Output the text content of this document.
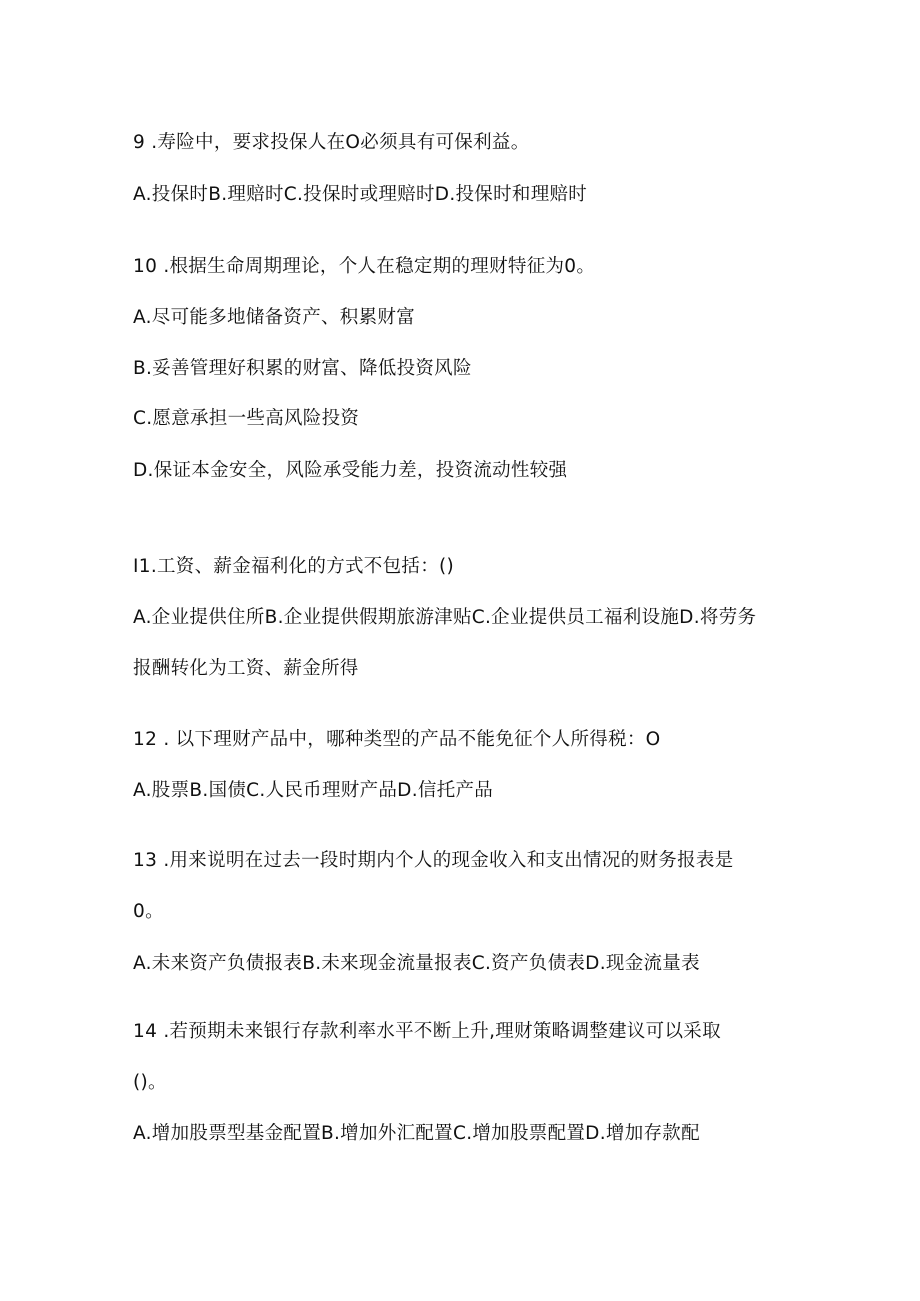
9 .寿险中，要求投保人在O必须具有可保利益。
A.投保时B.理赔时C.投保时或理赔时D.投保时和理赔时
10 .根据生命周期理论，个人在稳定期的理财特征为0。
A.尽可能多地储备资产、积累财富
B.妥善管理好积累的财富、降低投资风险
C.愿意承担一些高风险投资
D.保证本金安全，风险承受能力差，投资流动性较强
I1.工资、薪金福利化的方式不包括：()
A.企业提供住所B.企业提供假期旅游津贴C.企业提供员工福利设施D.将劳务
报酬转化为工资、薪金所得
12 . 以下理财产品中，哪种类型的产品不能免征个人所得税：O
A.股票B.国债C.人民币理财产品D.信托产品
13 .用来说明在过去一段时期内个人的现金收入和支出情况的财务报表是
0。
A.未来资产负债报表B.未来现金流量报表C.资产负债表D.现金流量表
14 .若预期未来银行存款利率水平不断上升,理财策略调整建议可以采取
()。
A.增加股票型基金配置B.增加外汇配置C.增加股票配置D.增加存款配
